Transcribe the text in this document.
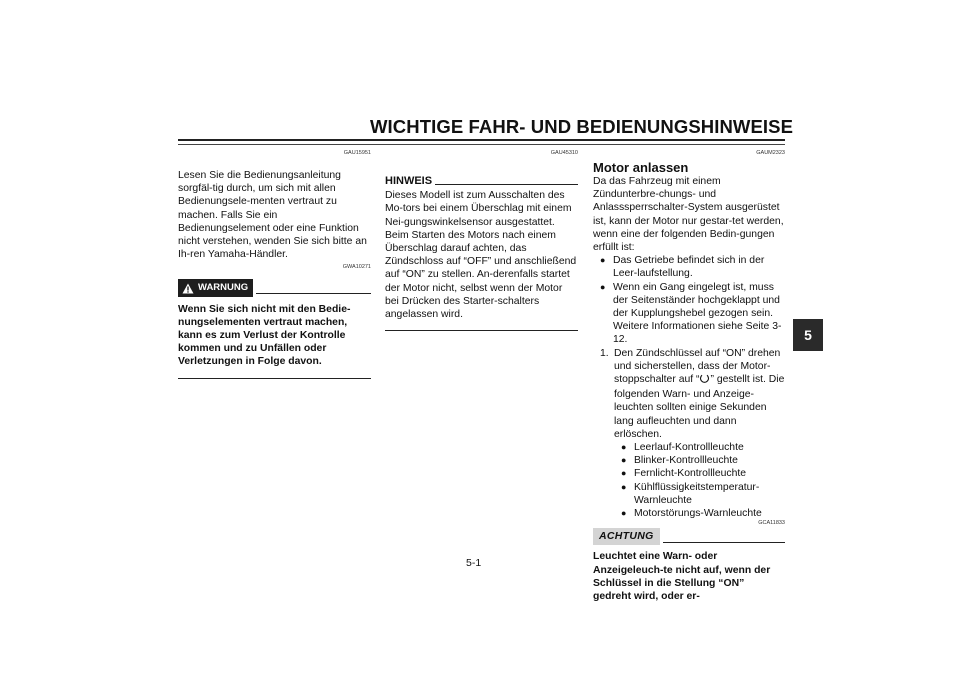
WICHTIGE FAHR- UND BEDIENUNGSHINWEISE
5
GAU15951

Lesen Sie die Bedienungsanleitung sorgfäl-tig durch, um sich mit allen Bedienungsele-menten vertraut zu machen. Falls Sie ein Bedienungselement oder eine Funktion nicht verstehen, wenden Sie sich bitte an Ih-ren Yamaha-Händler.

GWA10271
WARNUNG

Wenn Sie sich nicht mit den Bedie-nungselementen vertraut machen, kann es zum Verlust der Kontrolle kommen und zu Unfällen oder Verletzungen in Folge davon.

GAU45310
HINWEIS

Dieses Modell ist zum Ausschalten des Mo-tors bei einem Überschlag mit einem Nei-gungswinkelsensor ausgestattet. Beim Starten des Motors nach einem Überschlag darauf achten, das Zündschloss auf “OFF” und anschließend auf “ON” zu stellen. An-derenfalls startet der Motor nicht, selbst wenn der Motor bei Drücken des Starter-schalters angelassen wird.

GAUM2323
Motor anlassen

Da das Fahrzeug mit einem Zündunterbre-chungs- und Anlasssperrschalter-System ausgerüstet ist, kann der Motor nur gestar-tet werden, wenn eine der folgenden Bedin-gungen erfüllt ist:

● Das Getriebe befindet sich in der Leer-laufstellung.
● Wenn ein Gang eingelegt ist, muss der Seitenständer hochgeklappt und der Kupplungshebel gezogen sein. Weitere Informationen siehe Seite 3-12.
1. Den Zündschlüssel auf “ON” drehen und sicherstellen, dass der Motor-stoppschalter auf “ ” gestellt ist. Die folgenden Warn- und Anzeige-leuchten sollten einige Sekunden lang aufleuchten und dann erlöschen.
● Leerlauf-Kontrollleuchte
● Blinker-Kontrollleuchte
● Fernlicht-Kontrollleuchte
● Kühlflüssigkeitstemperatur-Warnleuchte
● Motorstörungs-Warnleuchte
GCA11833
ACHTUNG

Leuchtet eine Warn- oder Anzeigeleuch-te nicht auf, wenn der Schlüssel in die Stellung “ON” gedreht wird, oder er-

5-1
